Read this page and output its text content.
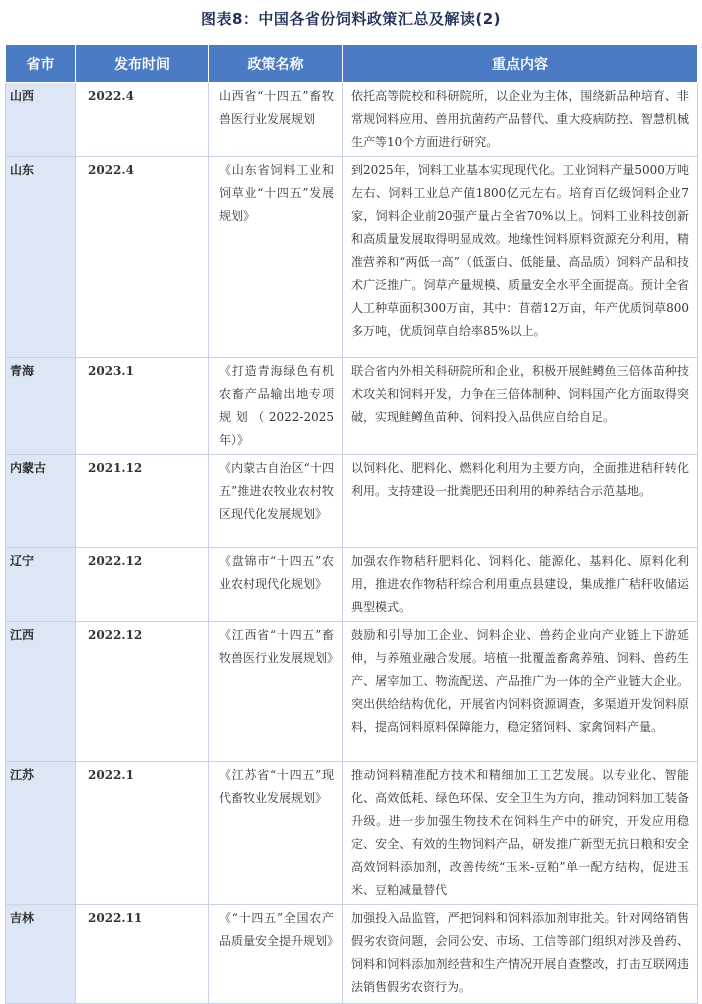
图表8：中国各省份饲料政策汇总及解读(2)
省市	发布时间	政策名称	重点内容
山西	2022.4	山西省“十四五”畜牧兽医行业发展规划	依托高等院校和科研院所，以企业为主体，围绕新品种培育、非常规饲料应用、兽用抗菌药产品替代、重大疫病防控、智慧机械生产等10个方面进行研究。
山东	2022.4	《山东省饲料工业和饲草业“十四五”发展规划》	到2025年，饲料工业基本实现现代化。工业饲料产量5000万吨左右、饲料工业总产值1800亿元左右。培育百亿级饲料企业7家，饲料企业前20强产量占全省70%以上。饲料工业科技创新和高质量发展取得明显成效。地缘性饲料原料资源充分利用，精准营养和“两低一高”（低蛋白、低能量、高品质）饲料产品和技术广泛推广。饲草产量规模、质量安全水平全面提高。预计全省人工种草面积300万亩，其中：苜蓿12万亩，年产优质饲草800多万吨，优质饲草自给率85%以上。
青海	2023.1	《打造青海绿色有机农畜产品输出地专项规划（2022-2025年）》	联合省内外相关科研院所和企业，积极开展鲑鳟鱼三倍体苗种技术攻关和饲料开发，力争在三倍体制种、饲料国产化方面取得突破，实现鲑鳟鱼苗种、饲料投入品供应自给自足。
内蒙古	2021.12	《内蒙古自治区“十四五”推进农牧业农村牧区现代化发展规划》	以饲料化、肥料化、燃料化利用为主要方向，全面推进秸秆转化利用。支持建设一批粪肥还田利用的种养结合示范基地。
辽宁	2022.12	《盘锦市“十四五”农业农村现代化规划》	加强农作物秸秆肥料化、饲料化、能源化、基料化、原料化利用，推进农作物秸秆综合利用重点县建设，集成推广秸秆收储运典型模式。
江西	2022.12	《江西省“十四五”畜牧兽医行业发展规划》	鼓励和引导加工企业、饲料企业、兽药企业向产业链上下游延伸，与养殖业融合发展。培植一批覆盖畜禽养殖、饲料、兽药生产、屠宰加工、物流配送、产品推广为一体的全产业链大企业。突出供给结构优化，开展省内饲料资源调查，多渠道开发饲料原料，提高饲料原料保障能力，稳定猪饲料、家禽饲料产量。
江苏	2022.1	《江苏省“十四五”现代畜牧业发展规划》	推动饲料精准配方技术和精细加工工艺发展。以专业化、智能化、高效低耗、绿色环保、安全卫生为方向，推动饲料加工装备升级。进一步加强生物技术在饲料生产中的研究，开发应用稳定、安全、有效的生物饲料产品，研发推广新型无抗日粮和安全高效饲料添加剂，改善传统“玉米-豆粕”单一配方结构，促进玉米、豆粕减量替代
吉林	2022.11	《“十四五”全国农产品质量安全提升规划》	加强投入品监管，严把饲料和饲料添加剂审批关。针对网络销售假劣农资问题，会同公安、市场、工信等部门组织对涉及兽药、饲料和饲料添加剂经营和生产情况开展自查整改，打击互联网违法销售假劣农资行为。
